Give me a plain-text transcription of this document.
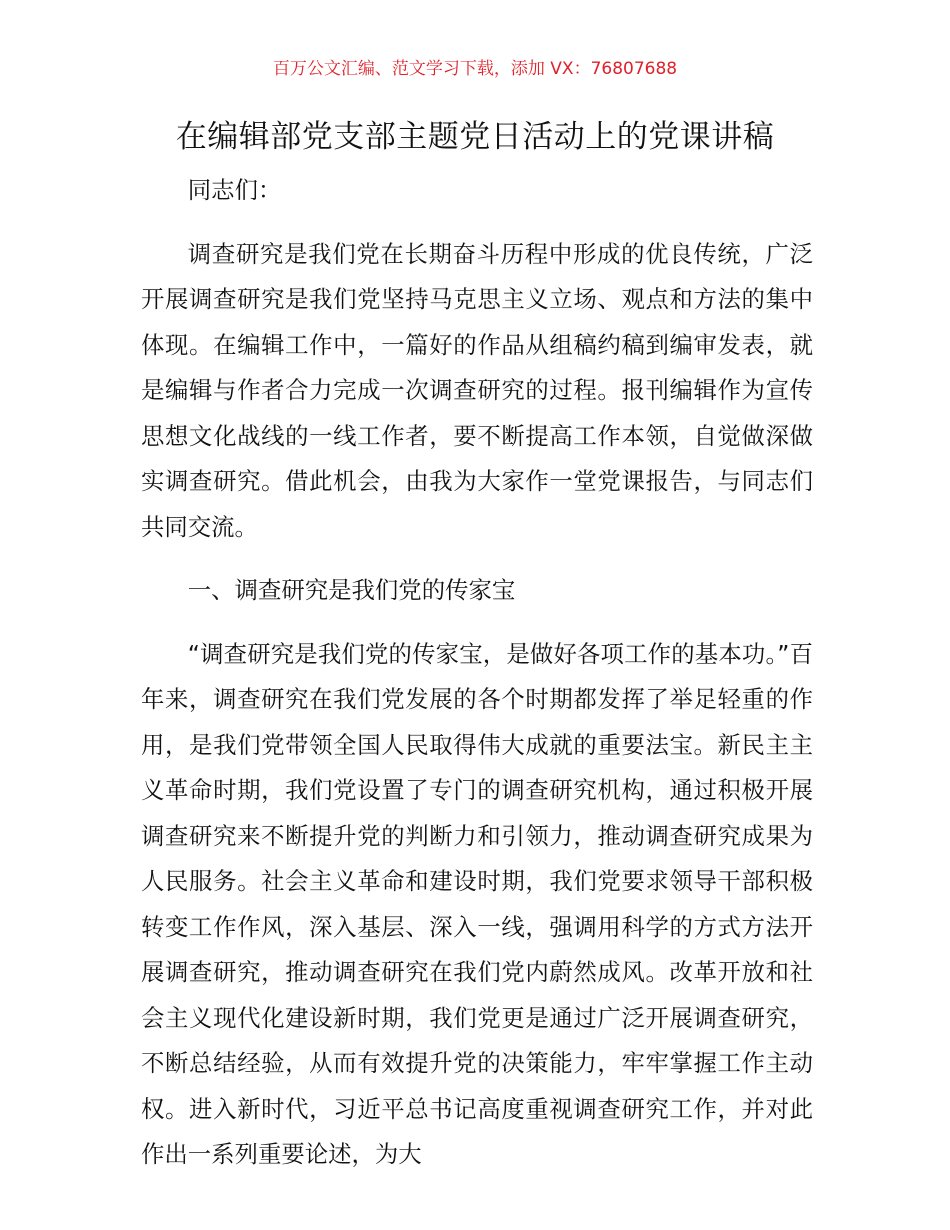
百万公文汇编、范文学习下载，添加 VX：76807688
在编辑部党支部主题党日活动上的党课讲稿

同志们：

调查研究是我们党在长期奋斗历程中形成的优良传统，广泛开展调查研究是我们党坚持马克思主义立场、观点和方法的集中体现。在编辑工作中，一篇好的作品从组稿约稿到编审发表，就是编辑与作者合力完成一次调查研究的过程。报刊编辑作为宣传思想文化战线的一线工作者，要不断提高工作本领，自觉做深做实调查研究。借此机会，由我为大家作一堂党课报告，与同志们共同交流。

一、调查研究是我们党的传家宝

“调查研究是我们党的传家宝，是做好各项工作的基本功。”百年来，调查研究在我们党发展的各个时期都发挥了举足轻重的作用，是我们党带领全国人民取得伟大成就的重要法宝。新民主主义革命时期，我们党设置了专门的调查研究机构，通过积极开展调查研究来不断提升党的判断力和引领力，推动调查研究成果为人民服务。社会主义革命和建设时期，我们党要求领导干部积极转变工作作风，深入基层、深入一线，强调用科学的方式方法开展调查研究，推动调查研究在我们党内蔚然成风。改革开放和社会主义现代化建设新时期，我们党更是通过广泛开展调查研究，不断总结经验，从而有效提升党的决策能力，牢牢掌握工作主动权。进入新时代，习近平总书记高度重视调查研究工作，并对此作出一系列重要论述，为大
